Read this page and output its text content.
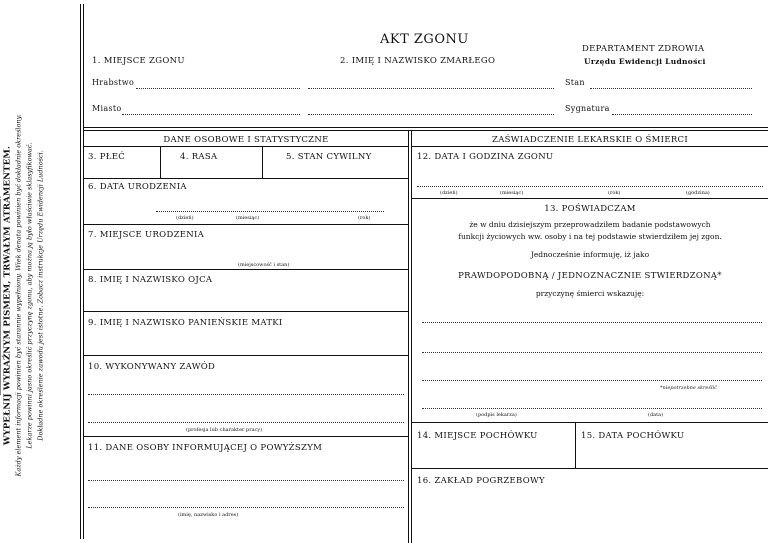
WYPEŁNIJ WYRAŹNYM PISMEM, TRWAŁYM ATRAMENTEM. Każdy element informacji powinien być starannie wypełniony. Wiek denata powinien być dokładnie określony. Lekarze powinni jasno określić przyczynę zgonu, aby można ją było właściwie sklasyfikować. Dokładne określenie zawodu jest istotne. Zobacz instrukcje Urzędu Ewidencji Ludności.
AKT ZGONU
DEPARTAMENT ZDROWIA
Urzędu Ewidencji Ludności
1. MIEJSCE ZGONU	2. IMIĘ I NAZWISKO ZMARŁEGO
Hrabstwo	Stan
Miasto	Sygnatura
DANE OSOBOWE I STATYSTYCZNE
3. PŁEĆ	4. RASA	5. STAN CYWILNY
6. DATA URODZENIA
(dzień)	(miesiąc)	(rok)
7. MIEJSCE URODZENIA
(miejscowość i stan)
8. IMIĘ I NAZWISKO OJCA
9. IMIĘ I NAZWISKO PANIEŃSKIE MATKI
10. WYKONYWANY ZAWÓD
(profesja lub charakter pracy)
11. DANE OSOBY INFORMUJĄCEJ O POWYŻSZYM
(imię, nazwisko i adres)
ZAŚWIADCZENIE LEKARSKIE O ŚMIERCI
12. DATA I GODZINA ZGONU
(dzień)	(miesiąc)	(rok)	(godzina)
13. POŚWIADCZAM
że w dniu dzisiejszym przeprowadziłem badanie podstawowych
funkcji życiowych ww. osoby i na tej podstawie stwierdziłem jej zgon.
Jednocześnie informuję, iż jako
PRAWDOPODOBNĄ / JEDNOZNACZNIE STWIERDZONĄ*
przyczynę śmierci wskazuję:
*niepotrzebne skreślić
(podpis lekarza)	(data)
14. MIEJSCE POCHÓWKU	15. DATA POCHÓWKU
16. ZAKŁAD POGRZEBOWY
